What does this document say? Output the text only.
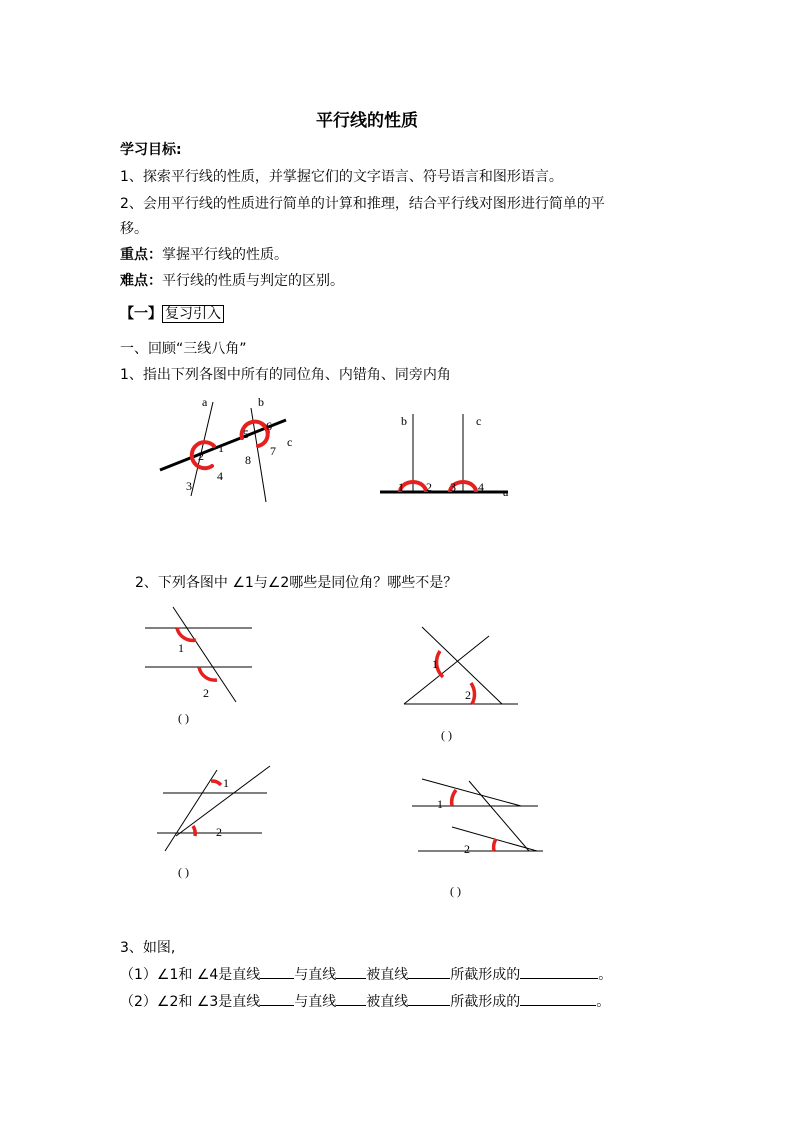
平行线的性质
学习目标:
1、探索平行线的性质，并掌握它们的文字语言、符号语言和图形语言。
2、会用平行线的性质进行简单的计算和推理，结合平行线对图形进行简单的平
移。
重点：掌握平行线的性质。
难点：平行线的性质与判定的区别。
【一】 复习引入
一、回顾“三线八角”
1、指出下列各图中所有的同位角、内错角、同旁内角
a	b
c
1
2
3
4
5
6
7
8
b	c
a
1 2 3 4
2、下列各图中 ∠1与∠2哪些是同位角？哪些不是？
1
2
( )
1
2
( )
1
2
( )
1
2
( )
3、如图,
（1）∠1和 ∠4是直线 与直线 被直线	所截形成的	。
（2）∠2和 ∠3是直线 与直线 被直线	所截形成的	。
